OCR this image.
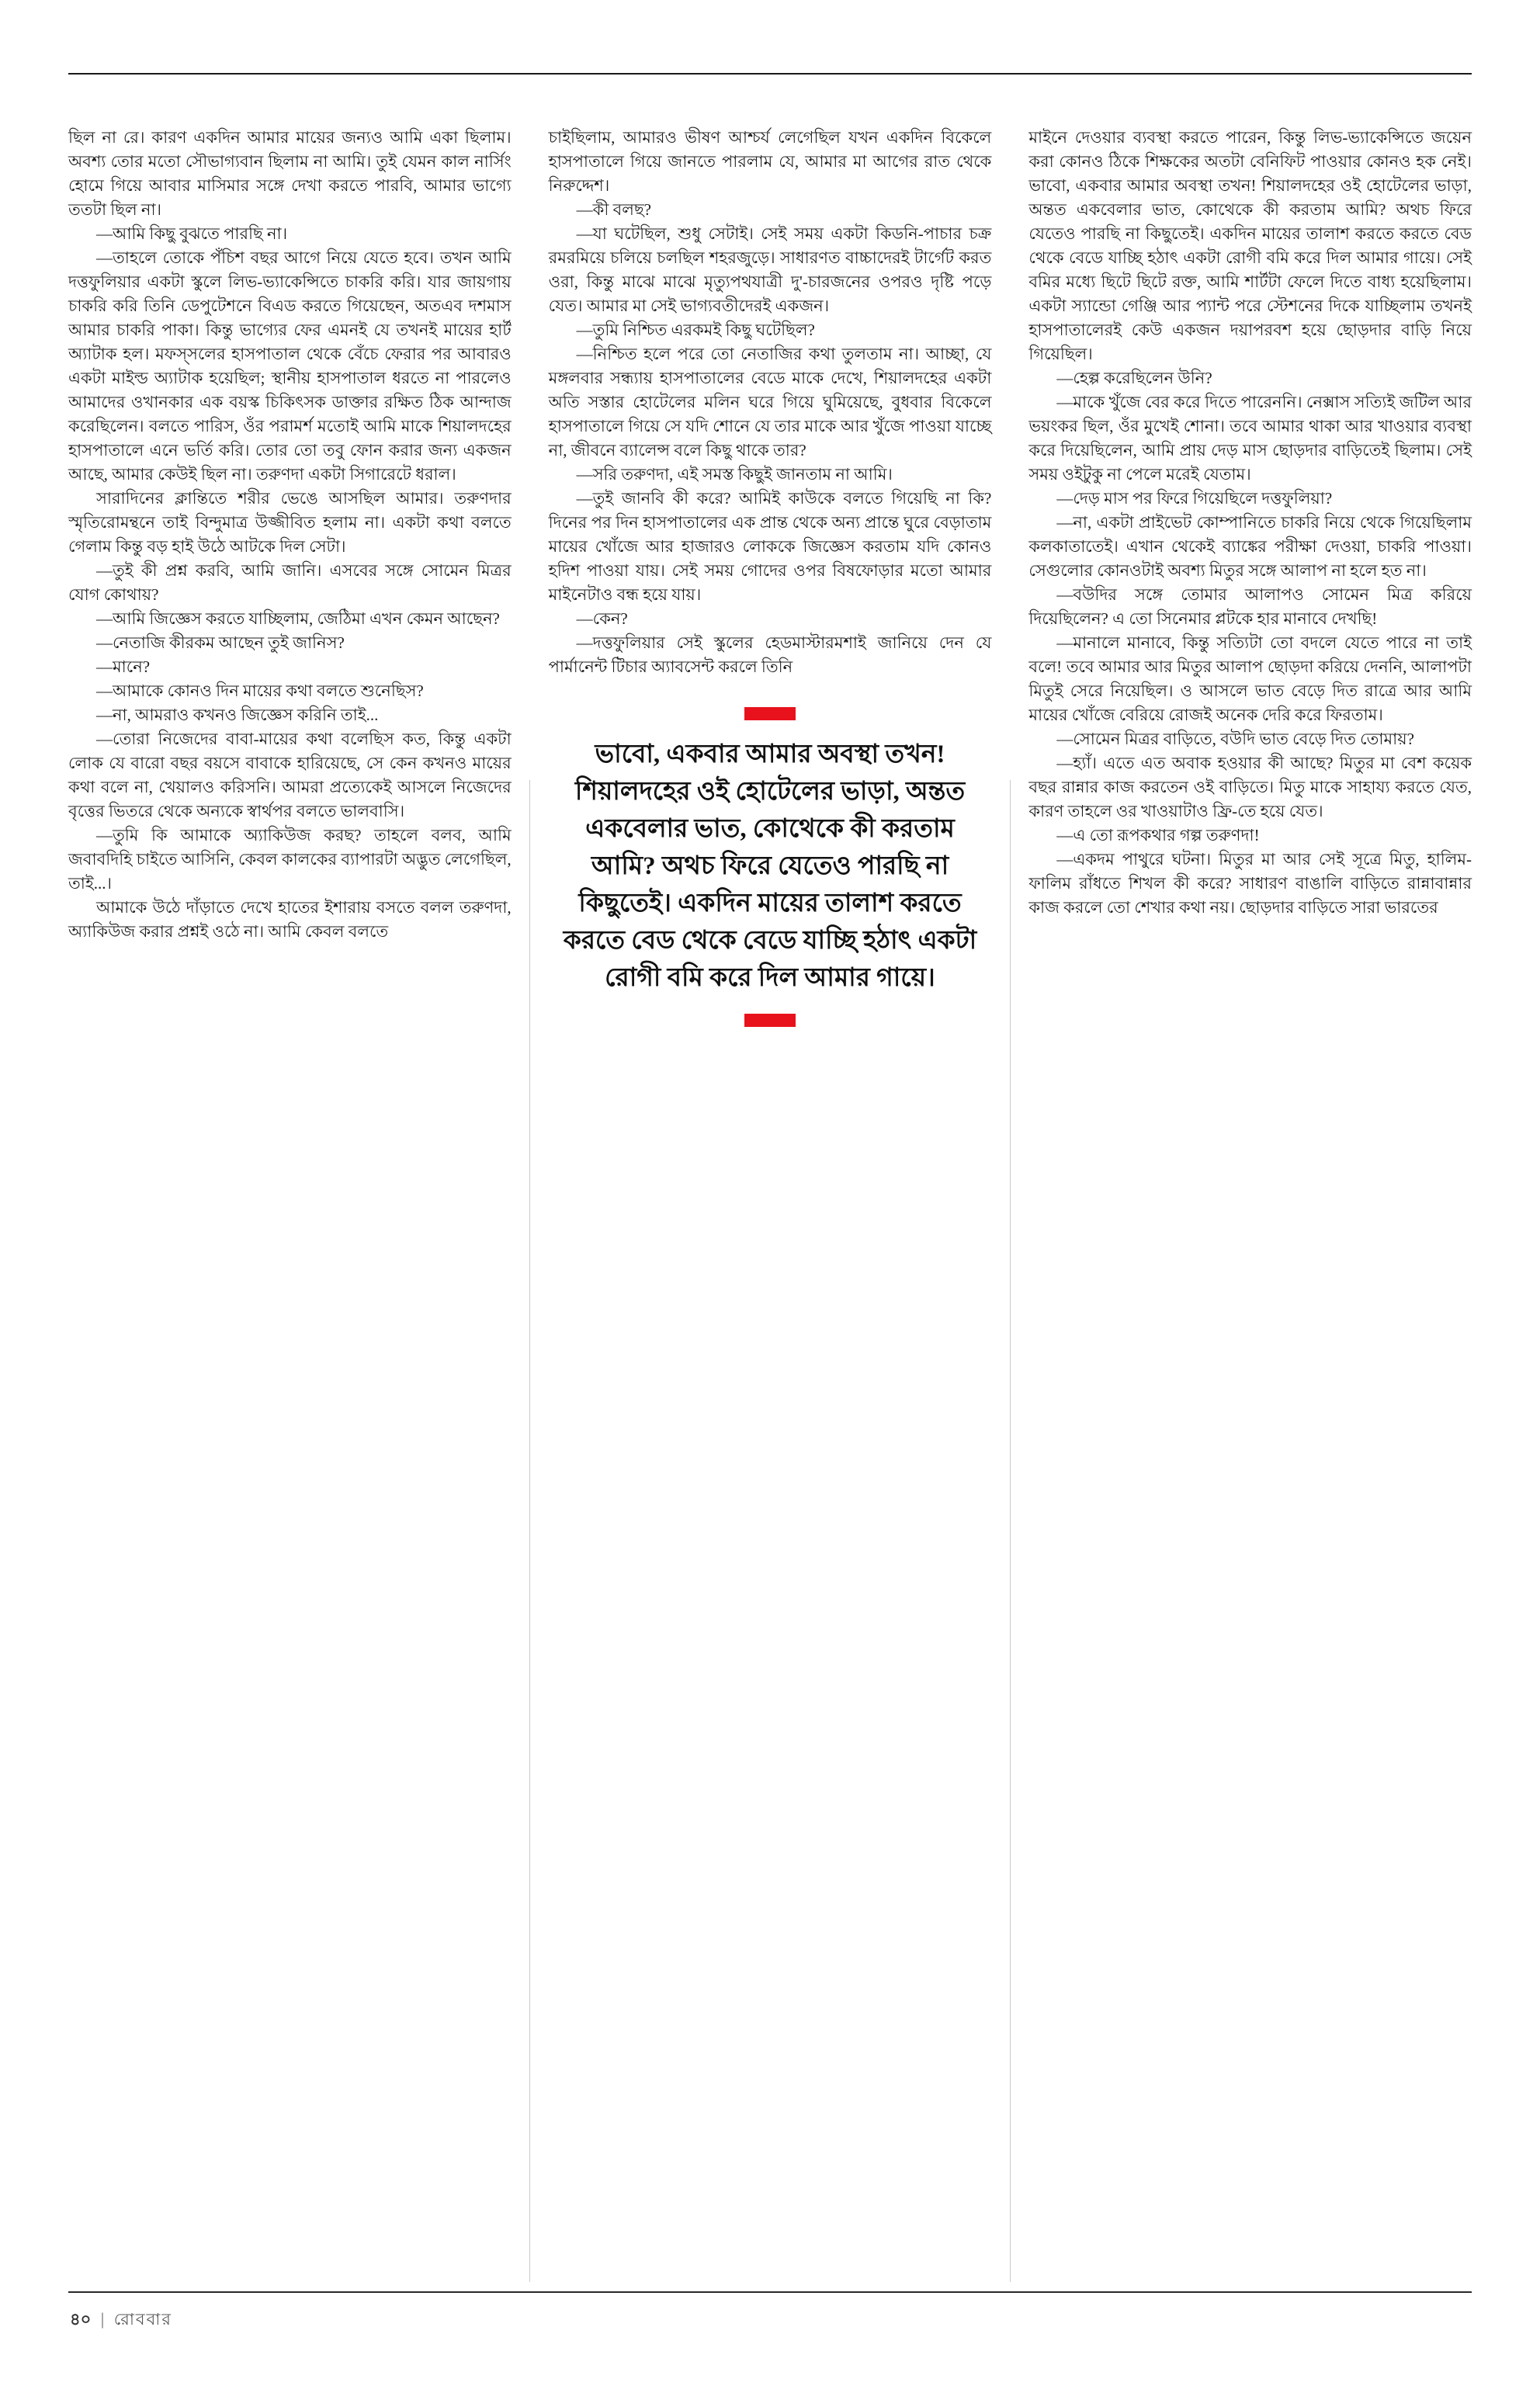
ছিল না রে। কারণ একদিন আমার মায়ের জন্যও আমি একা ছিলাম। অবশ্য তোর মতো সৌভাগ্যবান ছিলাম না আমি। তুই যেমন কাল নার্সিং হোমে গিয়ে আবার মাসিমার সঙ্গে দেখা করতে পারবি, আমার ভাগ্যে ততটা ছিল না।

—আমি কিছু বুঝতে পারছি না।

—তাহলে তোকে পঁচিশ বছর আগে নিয়ে যেতে হবে। তখন আমি দত্তফুলিয়ার একটা স্কুলে লিভ-ভ্যাকেন্সিতে চাকরি করি। যার জায়গায় চাকরি করি তিনি ডেপুটেশনে বিএড করতে গিয়েছেন, অতএব দশমাস আমার চাকরি পাকা। কিন্তু ভাগ্যের ফের এমনই যে তখনই মায়ের হার্ট অ্যাটাক হল। মফস্সলের হাসপাতাল থেকে বেঁচে ফেরার পর আবারও একটা মাইল্ড অ্যাটাক হয়েছিল; স্থানীয় হাসপাতাল ধরতে না পারলেও আমাদের ওখানকার এক বয়স্ক চিকিৎসক ডাক্তার রক্ষিত ঠিক আন্দাজ করেছিলেন। বলতে পারিস, ওঁর পরামর্শ মতোই আমি মাকে শিয়ালদহের হাসপাতালে এনে ভর্তি করি। তোর তো তবু ফোন করার জন্য একজন আছে, আমার কেউই ছিল না। তরুণদা একটা সিগারেটে ধরাল।

সারাদিনের ক্লান্তিতে শরীর ভেঙে আসছিল আমার। তরুণদার স্মৃতিরোমন্থনে তাই বিন্দুমাত্র উজ্জীবিত হলাম না। একটা কথা বলতে গেলাম কিন্তু বড় হাই উঠে আটকে দিল সেটা।

—তুই কী প্রশ্ন করবি, আমি জানি। এসবের সঙ্গে সোমেন মিত্রর যোগ কোথায়?

—আমি জিজ্ঞেস করতে যাচ্ছিলাম, জেঠিমা এখন কেমন আছেন?

—নেতাজি কীরকম আছেন তুই জানিস?

—মানে?

—আমাকে কোনও দিন মায়ের কথা বলতে শুনেছিস?

—না, আমরাও কখনও জিজ্ঞেস করিনি তাই...

—তোরা নিজেদের বাবা-মায়ের কথা বলেছিস কত, কিন্তু একটা লোক যে বারো বছর বয়সে বাবাকে হারিয়েছে, সে কেন কখনও মায়ের কথা বলে না, খেয়ালও করিসনি। আমরা প্রত্যেকেই আসলে নিজেদের বৃত্তের ভিতরে থেকে অন্যকে স্বার্থপর বলতে ভালবাসি।

—তুমি কি আমাকে অ্যাকিউজ করছ? তাহলে বলব, আমি জবাবদিহি চাইতে আসিনি, কেবল কালকের ব্যাপারটা অদ্ভুত লেগেছিল, তাই...।

আমাকে উঠে দাঁড়াতে দেখে হাতের ইশারায় বসতে বলল তরুণদা, অ্যাকিউজ করার প্রশ্নই ওঠে না। আমি কেবল বলতে

চাইছিলাম, আমারও ভীষণ আশ্চর্য লেগেছিল যখন একদিন বিকেলে হাসপাতালে গিয়ে জানতে পারলাম যে, আমার মা আগের রাত থেকে নিরুদ্দেশ।

—কী বলছ?

—যা ঘটেছিল, শুধু সেটাই। সেই সময় একটা কিডনি-পাচার চক্র রমরমিয়ে চলিয়ে চলছিল শহরজুড়ে। সাধারণত বাচ্চাদেরই টার্গেট করত ওরা, কিন্তু মাঝে মাঝে মৃত্যুপথযাত্রী দু'-চারজনের ওপরও দৃষ্টি পড়ে যেত। আমার মা সেই ভাগ্যবতীদেরই একজন।

—তুমি নিশ্চিত এরকমই কিছু ঘটেছিল?

—নিশ্চিত হলে পরে তো নেতাজির কথা তুলতাম না। আচ্ছা, যে মঙ্গলবার সন্ধ্যায় হাসপাতালের বেডে মাকে দেখে, শিয়ালদহের একটা অতি সস্তার হোটেলের মলিন ঘরে গিয়ে ঘুমিয়েছে, বুধবার বিকেলে হাসপাতালে গিয়ে সে যদি শোনে যে তার মাকে আর খুঁজে পাওয়া যাচ্ছে না, জীবনে ব্যালেন্স বলে কিছু থাকে তার?

—সরি তরুণদা, এই সমস্ত কিছুই জানতাম না আমি।

—তুই জানবি কী করে? আমিই কাউকে বলতে গিয়েছি না কি? দিনের পর দিন হাসপাতালের এক প্রান্ত থেকে অন্য প্রান্তে ঘুরে বেড়াতাম মায়ের খোঁজে আর হাজারও লোককে জিজ্ঞেস করতাম যদি কোনও হদিশ পাওয়া যায়। সেই সময় গোদের ওপর বিষফোড়ার মতো আমার মাইনেটাও বন্ধ হয়ে যায়।

—কেন?

—দত্তফুলিয়ার সেই স্কুলের হেডমাস্টারমশাই জানিয়ে দেন যে পার্মানেন্ট টিচার অ্যাবসেন্ট করলে তিনি

ভাবো, একবার আমার অবস্থা তখন! শিয়ালদহের ওই হোটেলের ভাড়া, অন্তত একবেলার ভাত, কোথেকে কী করতাম আমি? অথচ ফিরে যেতেও পারছি না কিছুতেই। একদিন মায়ের তালাশ করতে করতে বেড থেকে বেডে যাচ্ছি হঠাৎ একটা রোগী বমি করে দিল আমার গায়ে।

মাইনে দেওয়ার ব্যবস্থা করতে পারেন, কিন্তু লিভ-ভ্যাকেন্সিতে জয়েন করা কোনও ঠিকে শিক্ষকের অতটা বেনিফিট পাওয়ার কোনও হক নেই। ভাবো, একবার আমার অবস্থা তখন! শিয়ালদহের ওই হোটেলের ভাড়া, অন্তত একবেলার ভাত, কোথেকে কী করতাম আমি? অথচ ফিরে যেতেও পারছি না কিছুতেই। একদিন মায়ের তালাশ করতে করতে বেড থেকে বেডে যাচ্ছি হঠাৎ একটা রোগী বমি করে দিল আমার গায়ে। সেই বমির মধ্যে ছিটে ছিটে রক্ত, আমি শার্টটা ফেলে দিতে বাধ্য হয়েছিলাম। একটা স্যান্ডো গেঞ্জি আর প্যান্ট পরে স্টেশনের দিকে যাচ্ছিলাম তখনই হাসপাতালেরই কেউ একজন দয়াপরবশ হয়ে ছোড়দার বাড়ি নিয়ে গিয়েছিল।

—হেল্প করেছিলেন উনি?

—মাকে খুঁজে বের করে দিতে পারেননি। নেক্সাস সত্যিই জটিল আর ভয়ংকর ছিল, ওঁর মুখেই শোনা। তবে আমার থাকা আর খাওয়ার ব্যবস্থা করে দিয়েছিলেন, আমি প্রায় দেড় মাস ছোড়দার বাড়িতেই ছিলাম। সেই সময় ওইটুকু না পেলে মরেই যেতাম।

—দেড় মাস পর ফিরে গিয়েছিলে দত্তফুলিয়া?

—না, একটা প্রাইভেট কোম্পানিতে চাকরি নিয়ে থেকে গিয়েছিলাম কলকাতাতেই। এখান থেকেই ব্যাঙ্কের পরীক্ষা দেওয়া, চাকরি পাওয়া। সেগুলোর কোনওটাই অবশ্য মিতুর সঙ্গে আলাপ না হলে হত না।

—বউদির সঙ্গে তোমার আলাপও সোমেন মিত্র করিয়ে দিয়েছিলেন? এ তো সিনেমার প্লটকে হার মানাবে দেখছি!

—মানালে মানাবে, কিন্তু সত্যিটা তো বদলে যেতে পারে না তাই বলে! তবে আমার আর মিতুর আলাপ ছোড়দা করিয়ে দেননি, আলাপটা মিতুই সেরে নিয়েছিল। ও আসলে ভাত বেড়ে দিত রাত্রে আর আমি মায়ের খোঁজে বেরিয়ে রোজই অনেক দেরি করে ফিরতাম।

—সোমেন মিত্রর বাড়িতে, বউদি ভাত বেড়ে দিত তোমায়?

—হ্যাঁ। এতে এত অবাক হওয়ার কী আছে? মিতুর মা বেশ কয়েক বছর রান্নার কাজ করতেন ওই বাড়িতে। মিতু মাকে সাহায্য করতে যেত, কারণ তাহলে ওর খাওয়াটাও ফ্রি-তে হয়ে যেত।

—এ তো রূপকথার গল্প তরুণদা!

—একদম পাথুরে ঘটনা। মিতুর মা আর সেই সূত্রে মিতু, হালিম-ফালিম রাঁধতে শিখল কী করে? সাধারণ বাঙালি বাড়িতে রান্নাবান্নার কাজ করলে তো শেখার কথা নয়। ছোড়দার বাড়িতে সারা ভারতের

৪০ | রোববার
